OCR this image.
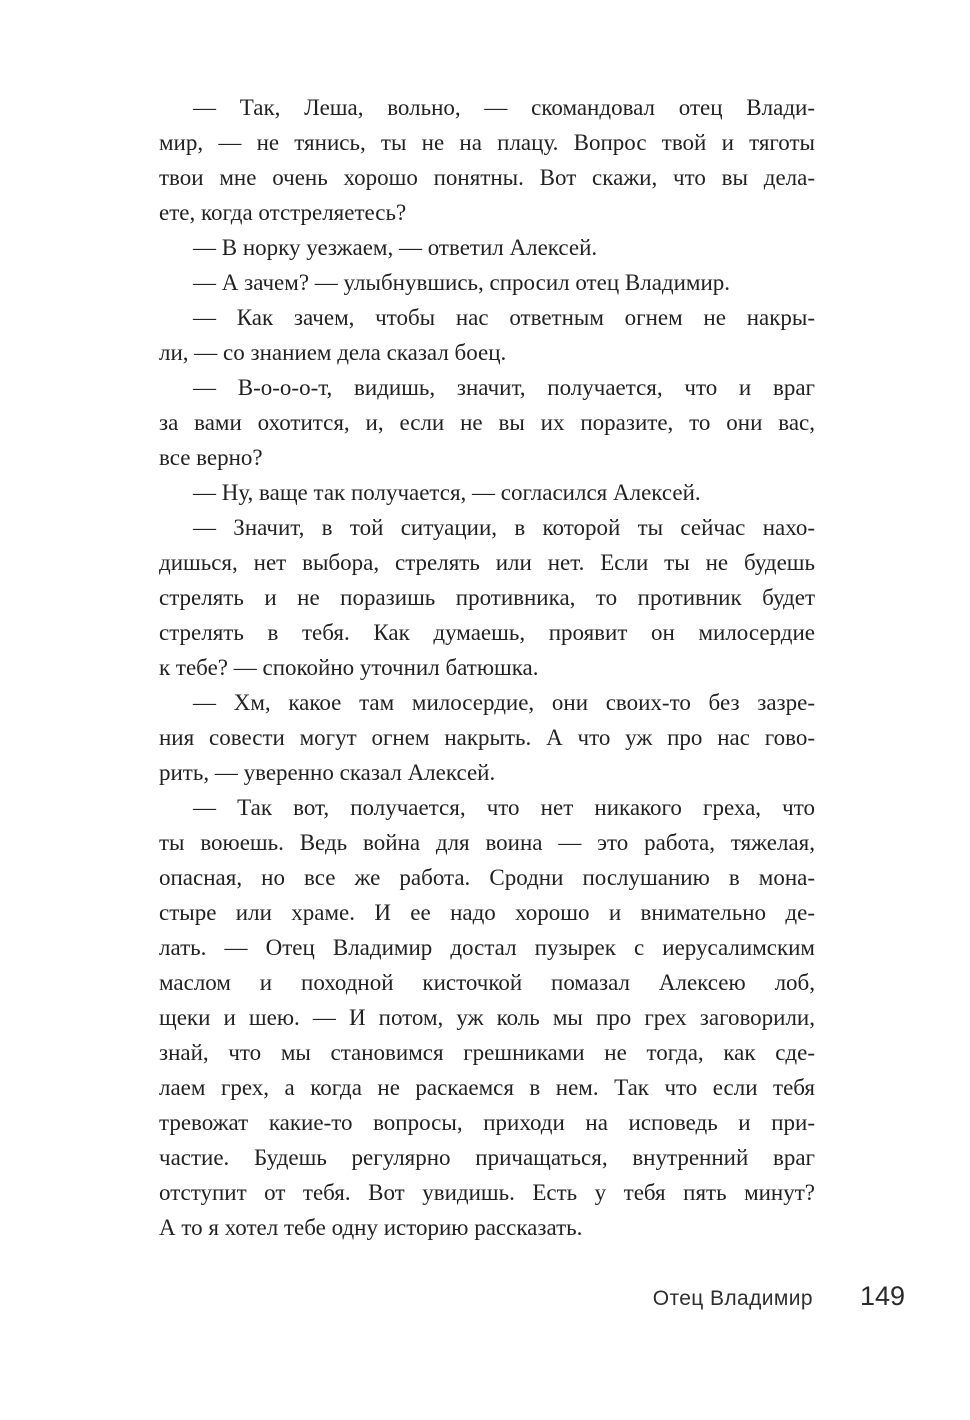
— Так, Леша, вольно, — скомандовал отец Влади-
мир, — не тянись, ты не на плацу. Вопрос твой и тяготы
твои мне очень хорошо понятны. Вот скажи, что вы дела-
ете, когда отстреляетесь?
— В норку уезжаем, — ответил Алексей.
— А зачем? — улыбнувшись, спросил отец Владимир.
— Как зачем, чтобы нас ответным огнем не накры-
ли, — со знанием дела сказал боец.
— В-о-о-о-т, видишь, значит, получается, что и враг
за вами охотится, и, если не вы их поразите, то они вас,
все верно?
— Ну, ваще так получается, — согласился Алексей.
— Значит, в той ситуации, в которой ты сейчас нахо-
дишься, нет выбора, стрелять или нет. Если ты не будешь
стрелять и не поразишь противника, то противник будет
стрелять в тебя. Как думаешь, проявит он милосердие
к тебе? — спокойно уточнил батюшка.
— Хм, какое там милосердие, они своих-то без зазре-
ния совести могут огнем накрыть. А что уж про нас гово-
рить, — уверенно сказал Алексей.
— Так вот, получается, что нет никакого греха, что
ты воюешь. Ведь война для воина — это работа, тяжелая,
опасная, но все же работа. Сродни послушанию в мона-
стыре или храме. И ее надо хорошо и внимательно де-
лать. — Отец Владимир достал пузырек с иерусалимским
маслом и походной кисточкой помазал Алексею лоб,
щеки и шею. — И потом, уж коль мы про грех заговорили,
знай, что мы становимся грешниками не тогда, как сде-
лаем грех, а когда не раскаемся в нем. Так что если тебя
тревожат какие-то вопросы, приходи на исповедь и при-
частие. Будешь регулярно причащаться, внутренний враг
отступит от тебя. Вот увидишь. Есть у тебя пять минут?
А то я хотел тебе одну историю рассказать.
Отец Владимир 149
